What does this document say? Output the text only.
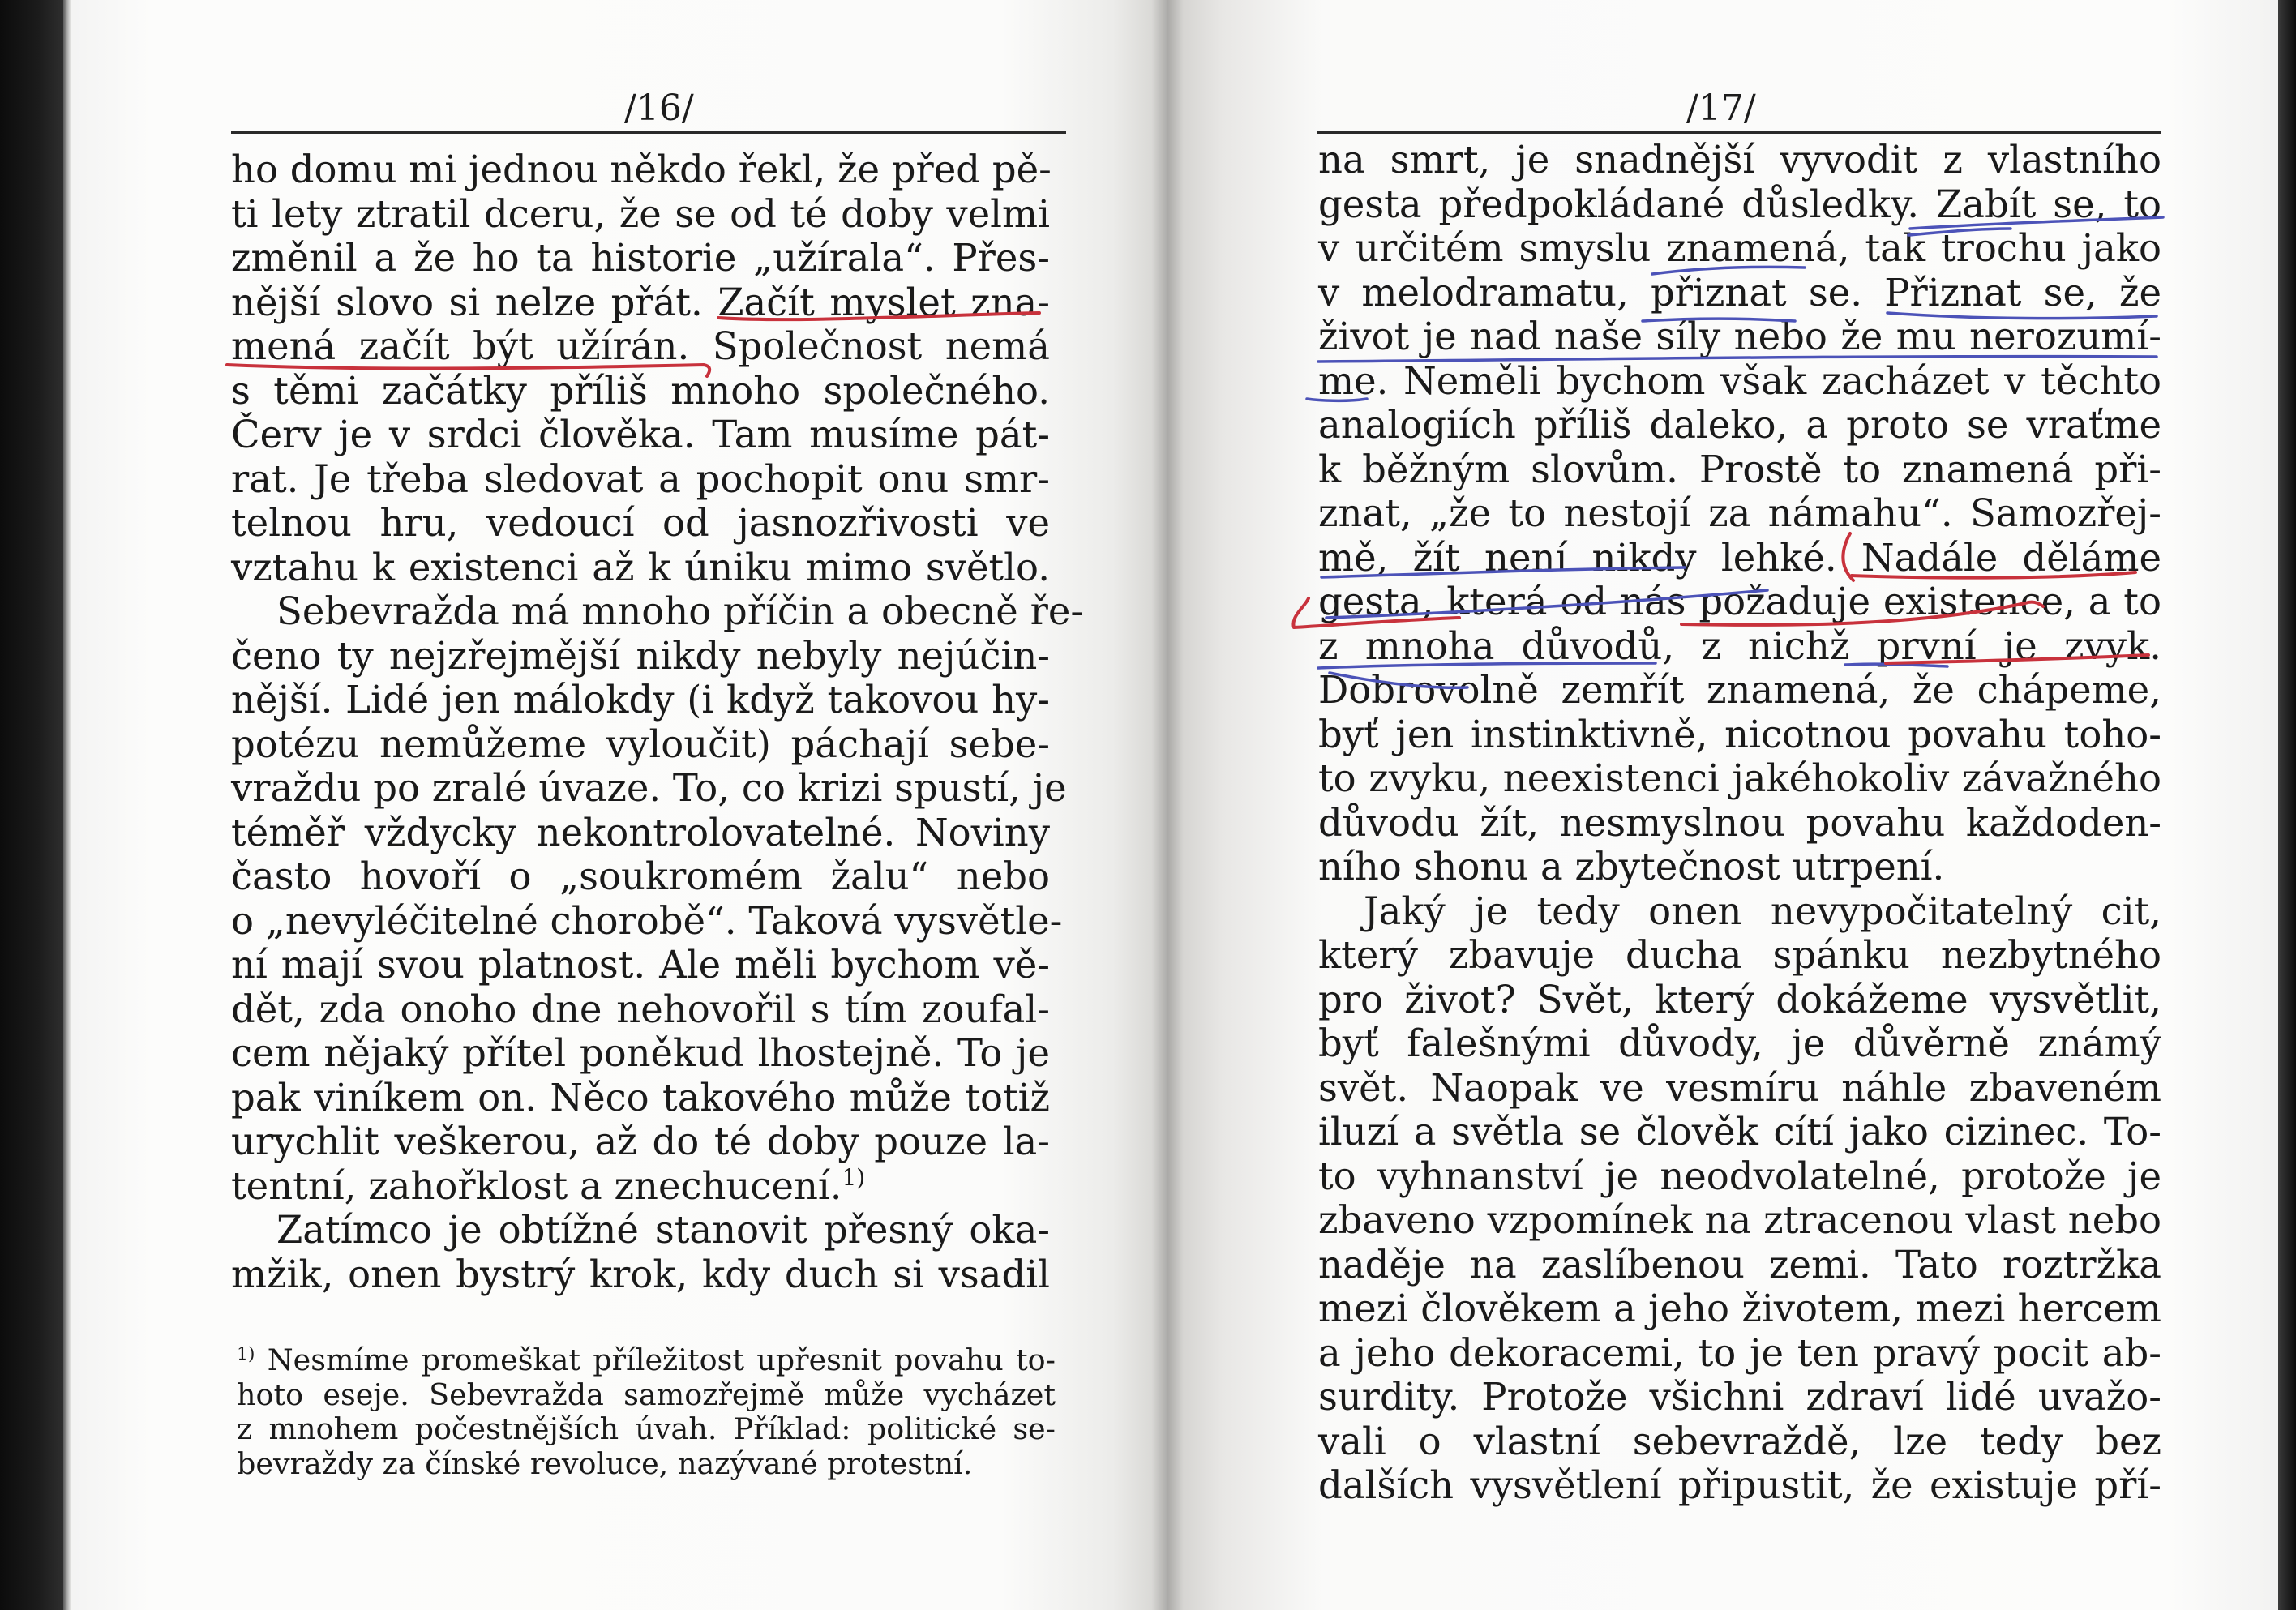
/16/
ho domu mi jednou někdo řekl, že před pě-
ti lety ztratil dceru, že se od té doby velmi
změnil a že ho ta historie „užírala“. Přes-
nější slovo si nelze přát. Začít myslet zna-
mená začít být užírán. Společnost nemá
s těmi začátky příliš mnoho společného.
Červ je v srdci člověka. Tam musíme pát-
rat. Je třeba sledovat a pochopit onu smr-
telnou hru, vedoucí od jasnozřivosti ve
vztahu k existenci až k úniku mimo světlo.
Sebevražda má mnoho příčin a obecně ře-
čeno ty nejzřejmější nikdy nebyly nejúčin-
nější. Lidé jen málokdy (i když takovou hy-
potézu nemůžeme vyloučit) páchají sebe-
vraždu po zralé úvaze. To, co krizi spustí, je
téměř vždycky nekontrolovatelné. Noviny
často hovoří o „soukromém žalu“ nebo
o „nevyléčitelné chorobě“. Taková vysvětle-
ní mají svou platnost. Ale měli bychom vě-
dět, zda onoho dne nehovořil s tím zoufal-
cem nějaký přítel poněkud lhostejně. To je
pak viníkem on. Něco takového může totiž
urychlit veškerou, až do té doby pouze la-
tentní, zahořklost a znechucení.$^{1)}$
Zatímco je obtížné stanovit přesný oka-
mžik, onen bystrý krok, kdy duch si vsadil
$^{1)}$ Nesmíme promeškat příležitost upřesnit povahu to-
hoto eseje. Sebevražda samozřejmě může vycházet
z mnohem počestnějších úvah. Příklad: politické se-
bevraždy za čínské revoluce, nazývané protestní.
/17/
na smrt, je snadnější vyvodit z vlastního
gesta předpokládané důsledky. Zabít se, to
v určitém smyslu znamená, tak trochu jako
v melodramatu, přiznat se. Přiznat se, že
život je nad naše síly nebo že mu nerozumí-
me. Neměli bychom však zacházet v těchto
analogiích příliš daleko, a proto se vraťme
k běžným slovům. Prostě to znamená při-
znat, „že to nestojí za námahu“. Samozřej-
mě, žít není nikdy lehké. Nadále děláme
gesta, která od nás požaduje existence, a to
z mnoha důvodů, z nichž první je zvyk.
Dobrovolně zemřít znamená, že chápeme,
byť jen instinktivně, nicotnou povahu toho-
to zvyku, neexistenci jakéhokoliv závažného
důvodu žít, nesmyslnou povahu každoden-
ního shonu a zbytečnost utrpení.
Jaký je tedy onen nevypočitatelný cit,
který zbavuje ducha spánku nezbytného
pro život? Svět, který dokážeme vysvětlit,
byť falešnými důvody, je důvěrně známý
svět. Naopak ve vesmíru náhle zbaveném
iluzí a světla se člověk cítí jako cizinec. To-
to vyhnanství je neodvolatelné, protože je
zbaveno vzpomínek na ztracenou vlast nebo
naděje na zaslíbenou zemi. Tato roztržka
mezi člověkem a jeho životem, mezi hercem
a jeho dekoracemi, to je ten pravý pocit ab-
surdity. Protože všichni zdraví lidé uvažo-
vali o vlastní sebevraždě, lze tedy bez
dalších vysvětlení připustit, že existuje pří-
